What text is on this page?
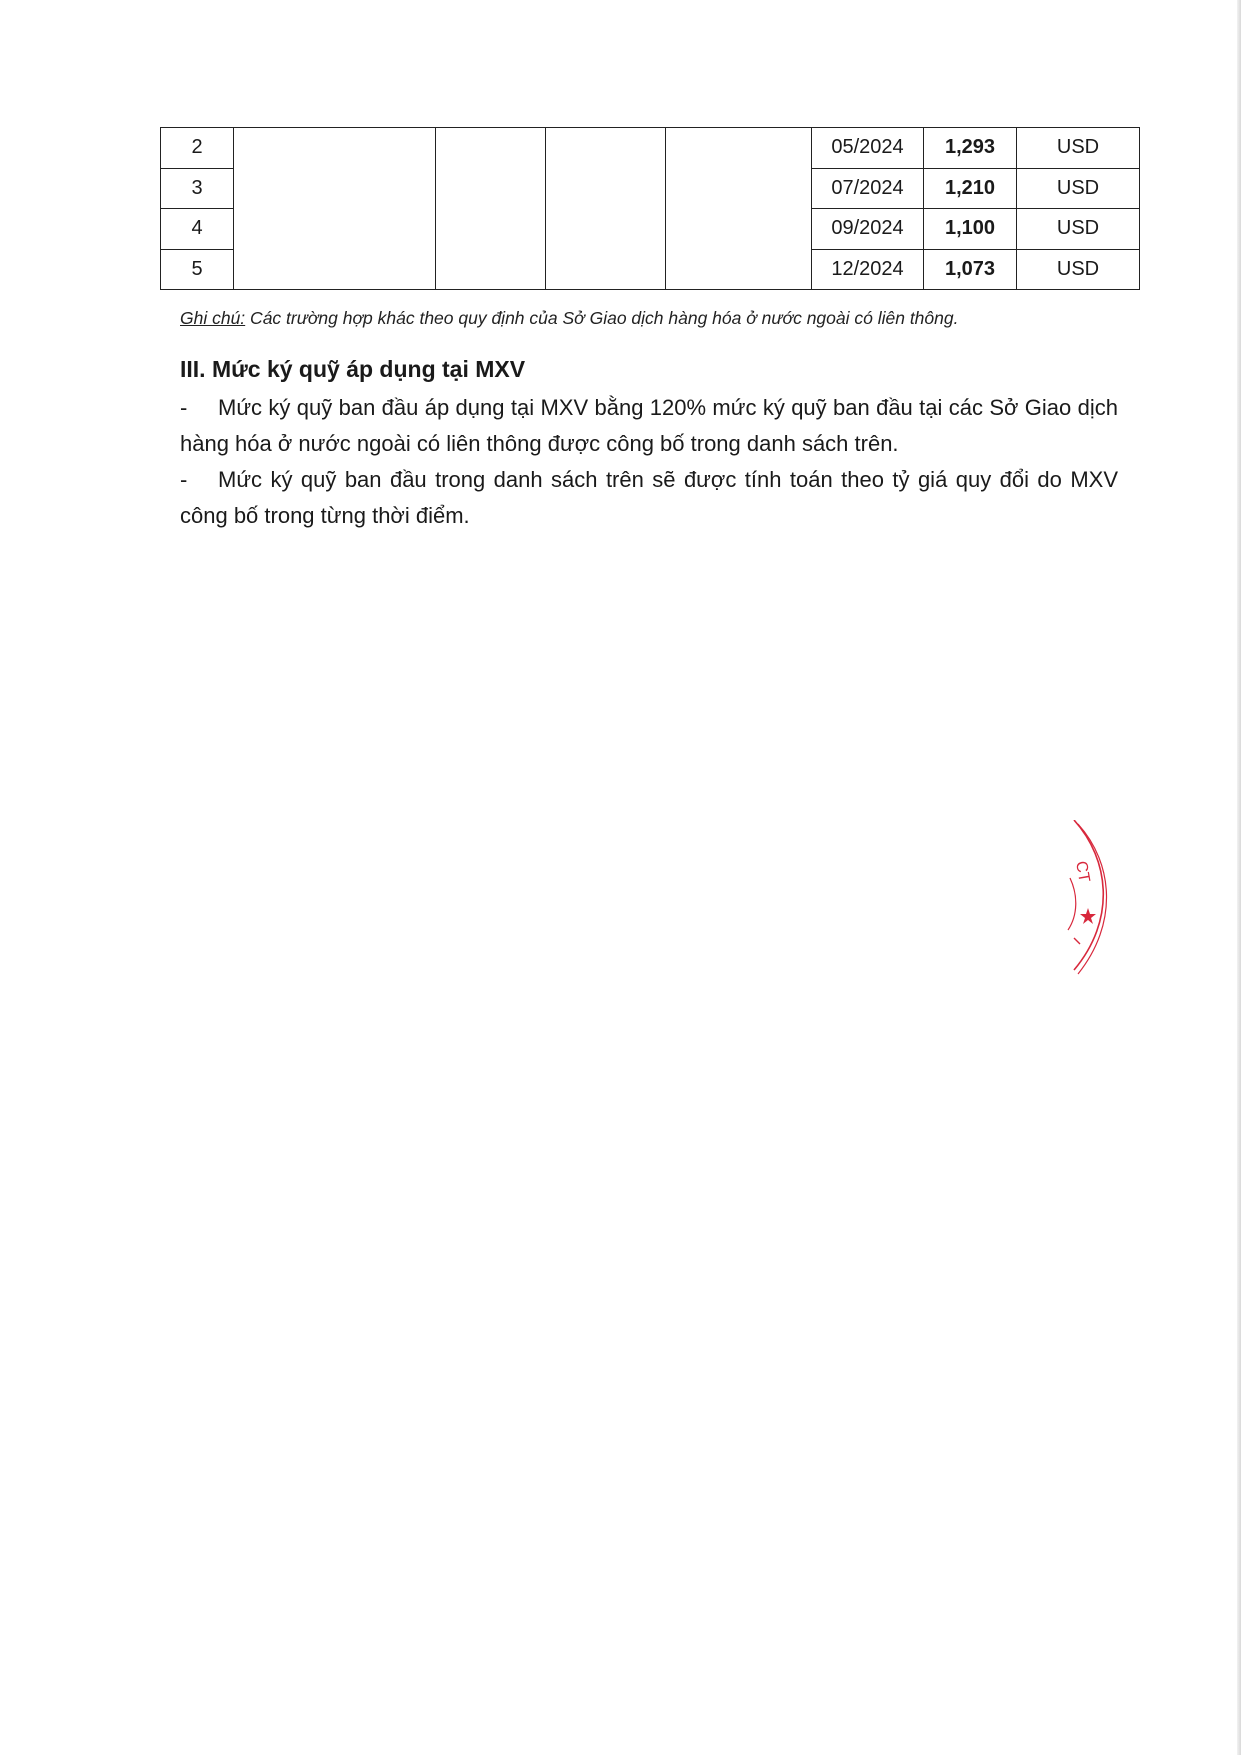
2					05/2024	1,293	USD
3					07/2024	1,210	USD
4					09/2024	1,100	USD
5					12/2024	1,073	USD
Ghi chú: Các trường hợp khác theo quy định của Sở Giao dịch hàng hóa ở nước ngoài có liên thông.
III. Mức ký quỹ áp dụng tại MXV
- Mức ký quỹ ban đầu áp dụng tại MXV bằng 120% mức ký quỹ ban đầu tại các Sở Giao dịch hàng hóa ở nước ngoài có liên thông được công bố trong danh sách trên.
- Mức ký quỹ ban đầu trong danh sách trên sẽ được tính toán theo tỷ giá quy đổi do MXV công bố trong từng thời điểm.
CT
